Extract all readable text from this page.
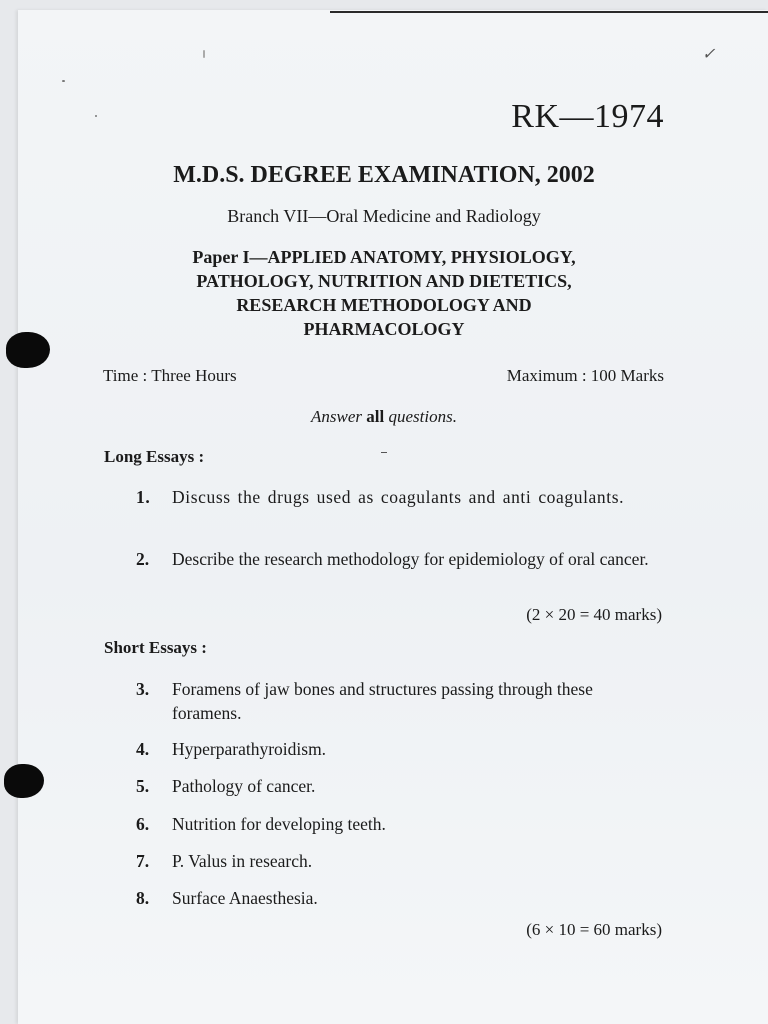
✓
RK—1974
M.D.S. DEGREE EXAMINATION, 2002
Branch VII—Oral Medicine and Radiology
Paper I—APPLIED ANATOMY, PHYSIOLOGY,
PATHOLOGY, NUTRITION AND DIETETICS,
RESEARCH METHODOLOGY AND
PHARMACOLOGY
Time : Three Hours	Maximum : 100 Marks
Answer all questions.
Long Essays :
1. Discuss the drugs used as coagulants and anti coagulants.
2. Describe the research methodology for epidemiology of oral cancer.
(2 × 20 = 40 marks)
Short Essays :
3. Foramens of jaw bones and structures passing through these foramens.
4. Hyperparathyroidism.
5. Pathology of cancer.
6. Nutrition for developing teeth.
7. P. Valus in research.
8. Surface Anaesthesia.
(6 × 10 = 60 marks)
